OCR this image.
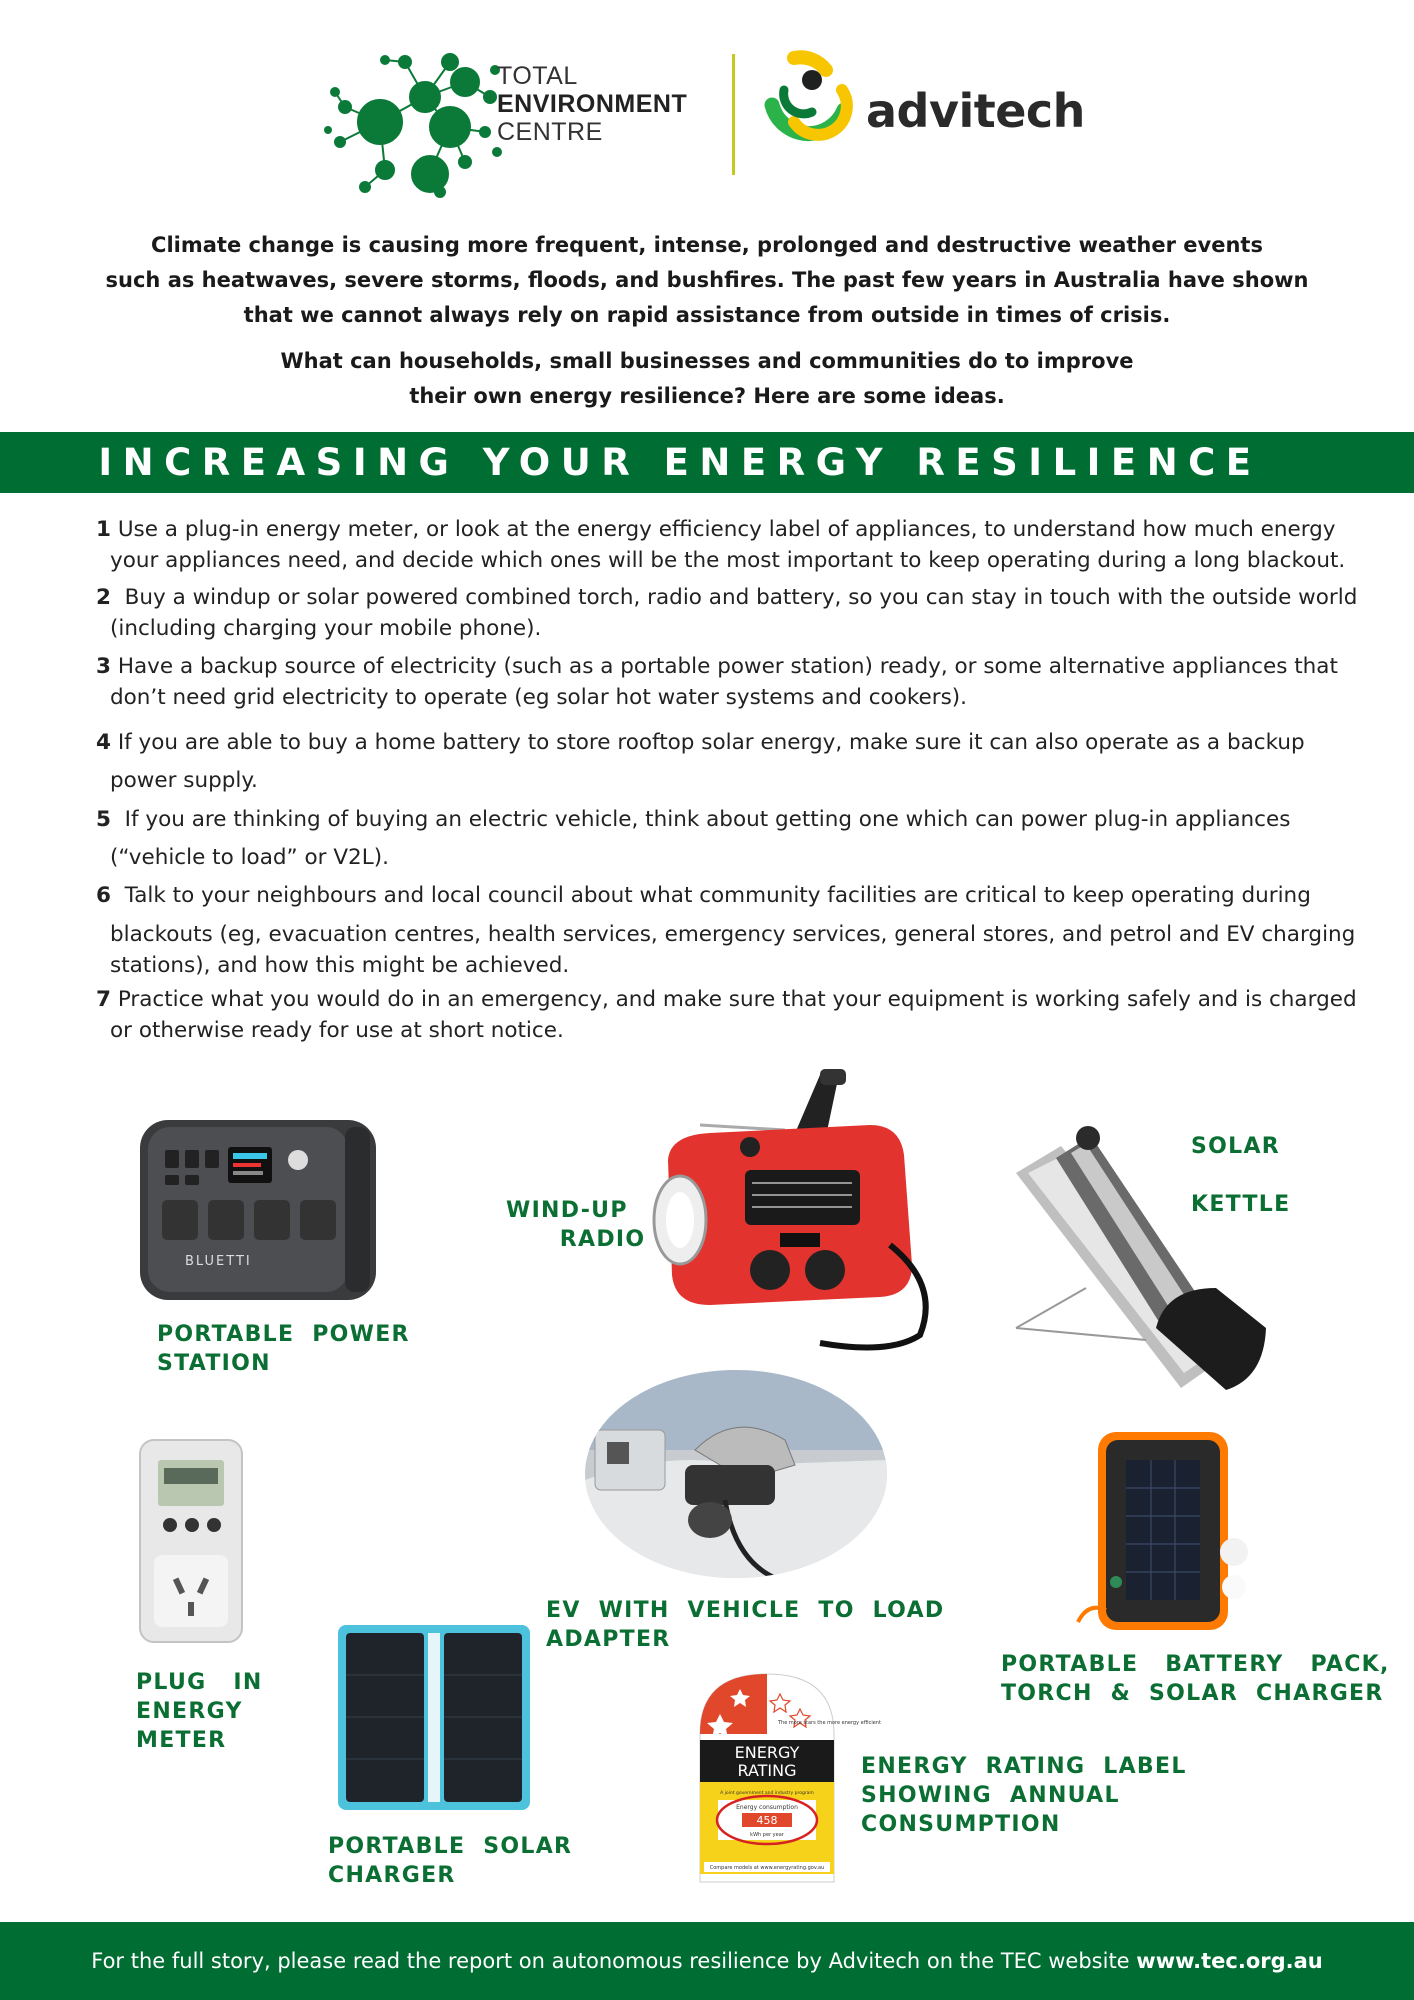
TOTAL
ENVIRONMENT
CENTRE	advitech
Climate change is causing more frequent, intense, prolonged and destructive weather events
such as heatwaves, severe storms, floods, and bushfires. The past few years in Australia have shown
that we cannot always rely on rapid assistance from outside in times of crisis.
What can households, small businesses and communities do to improve
their own energy resilience? Here are some ideas.
INCREASING YOUR ENERGY RESILIENCE
1 Use a plug-in energy meter, or look at the energy efficiency label of appliances, to understand how much energy

your appliances need, and decide which ones will be the most important to keep operating during a long blackout.
2 Buy a windup or solar powered combined torch, radio and battery, so you can stay in touch with the outside world

(including charging your mobile phone).
3 Have a backup source of electricity (such as a portable power station) ready, or some alternative appliances that

don’t need grid electricity to operate (eg solar hot water systems and cookers).
4 If you are able to buy a home battery to store rooftop solar energy, make sure it can also operate as a backup

power supply.
5 If you are thinking of buying an electric vehicle, think about getting one which can power plug-in appliances

(“vehicle to load” or V2L).
6 Talk to your neighbours and local council about what community facilities are critical to keep operating during
blackouts (eg, evacuation centres, health services, emergency services, general stores, and petrol and EV charging
stations), and how this might be achieved.
7 Practice what you would do in an emergency, and make sure that your equipment is working safely and is charged

or otherwise ready for use at short notice.
BLUETTI
PORTABLE  POWER
STATION
WIND-UP
RADIO
SOLAR
KETTLE
EV  WITH  VEHICLE  TO  LOAD
ADAPTER
PORTABLE   BATTERY   PACK,
TORCH  &  SOLAR  CHARGER
PLUG   IN
ENERGY
METER
PORTABLE  SOLAR
CHARGER
The more stars the more energy efficient
ENERGY
RATING
A joint government and industry program
Energy consumption
458
kWh per year
Compare models at www.energyrating.gov.au
ENERGY  RATING  LABEL
SHOWING  ANNUAL
CONSUMPTION
For the full story, please read the report on autonomous resilience by Advitech on the TEC website www.tec.org.au
